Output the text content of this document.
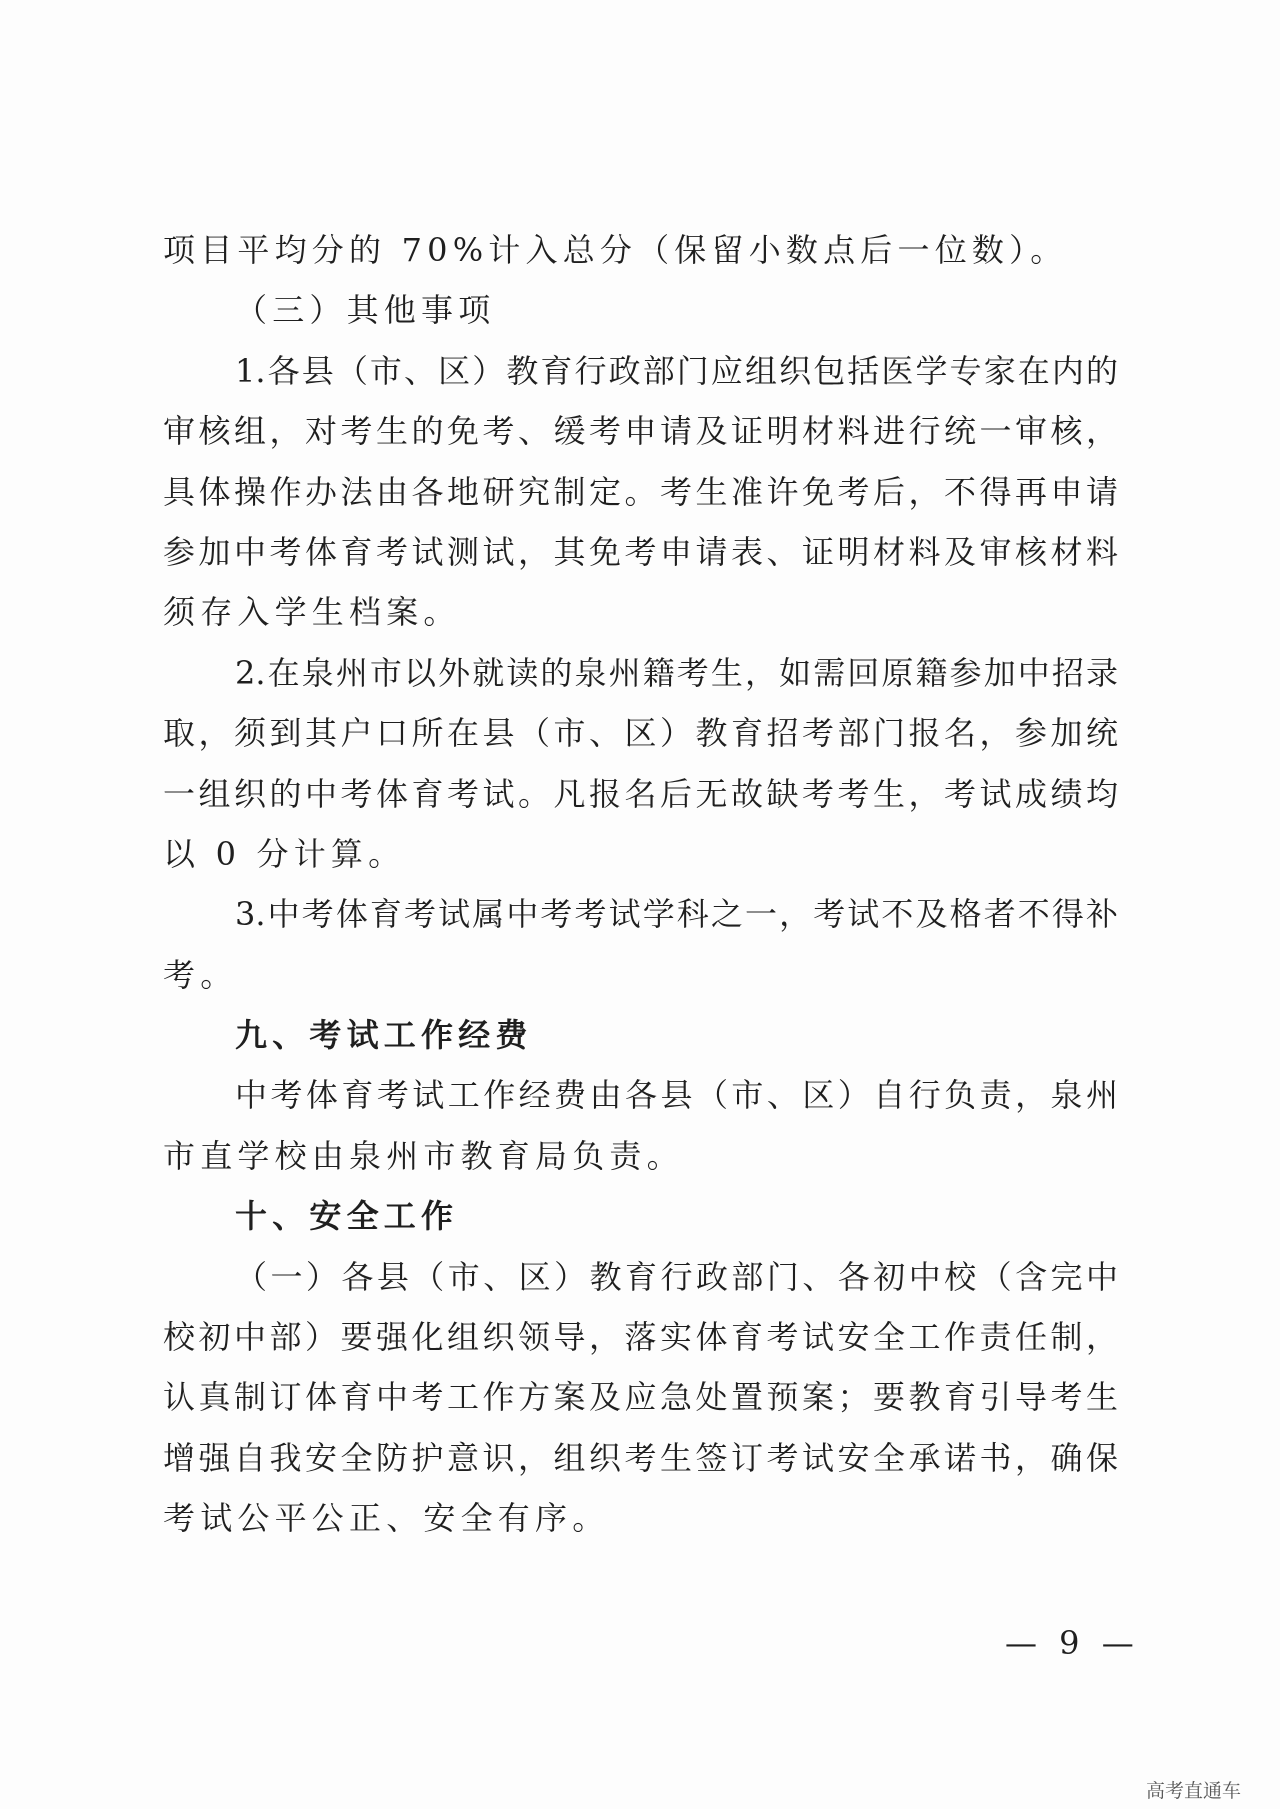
项目平均分的 70%计入总分（保留小数点后一位数）。
（三）其他事项
1.各县（市、区）教育行政部门应组织包括医学专家在内的
审核组，对考生的免考、缓考申请及证明材料进行统一审核，
具体操作办法由各地研究制定。考生准许免考后，不得再申请
参加中考体育考试测试，其免考申请表、证明材料及审核材料
须存入学生档案。
2.在泉州市以外就读的泉州籍考生，如需回原籍参加中招录
取，须到其户口所在县（市、区）教育招考部门报名，参加统
一组织的中考体育考试。凡报名后无故缺考考生，考试成绩均
以 0 分计算。
3.中考体育考试属中考考试学科之一，考试不及格者不得补
考。
九、考试工作经费
中考体育考试工作经费由各县（市、区）自行负责，泉州
市直学校由泉州市教育局负责。
十、安全工作
（一）各县（市、区）教育行政部门、各初中校（含完中
校初中部）要强化组织领导，落实体育考试安全工作责任制，
认真制订体育中考工作方案及应急处置预案；要教育引导考生
增强自我安全防护意识，组织考生签订考试安全承诺书，确保
考试公平公正、安全有序。
— 9 —
高考直通车
